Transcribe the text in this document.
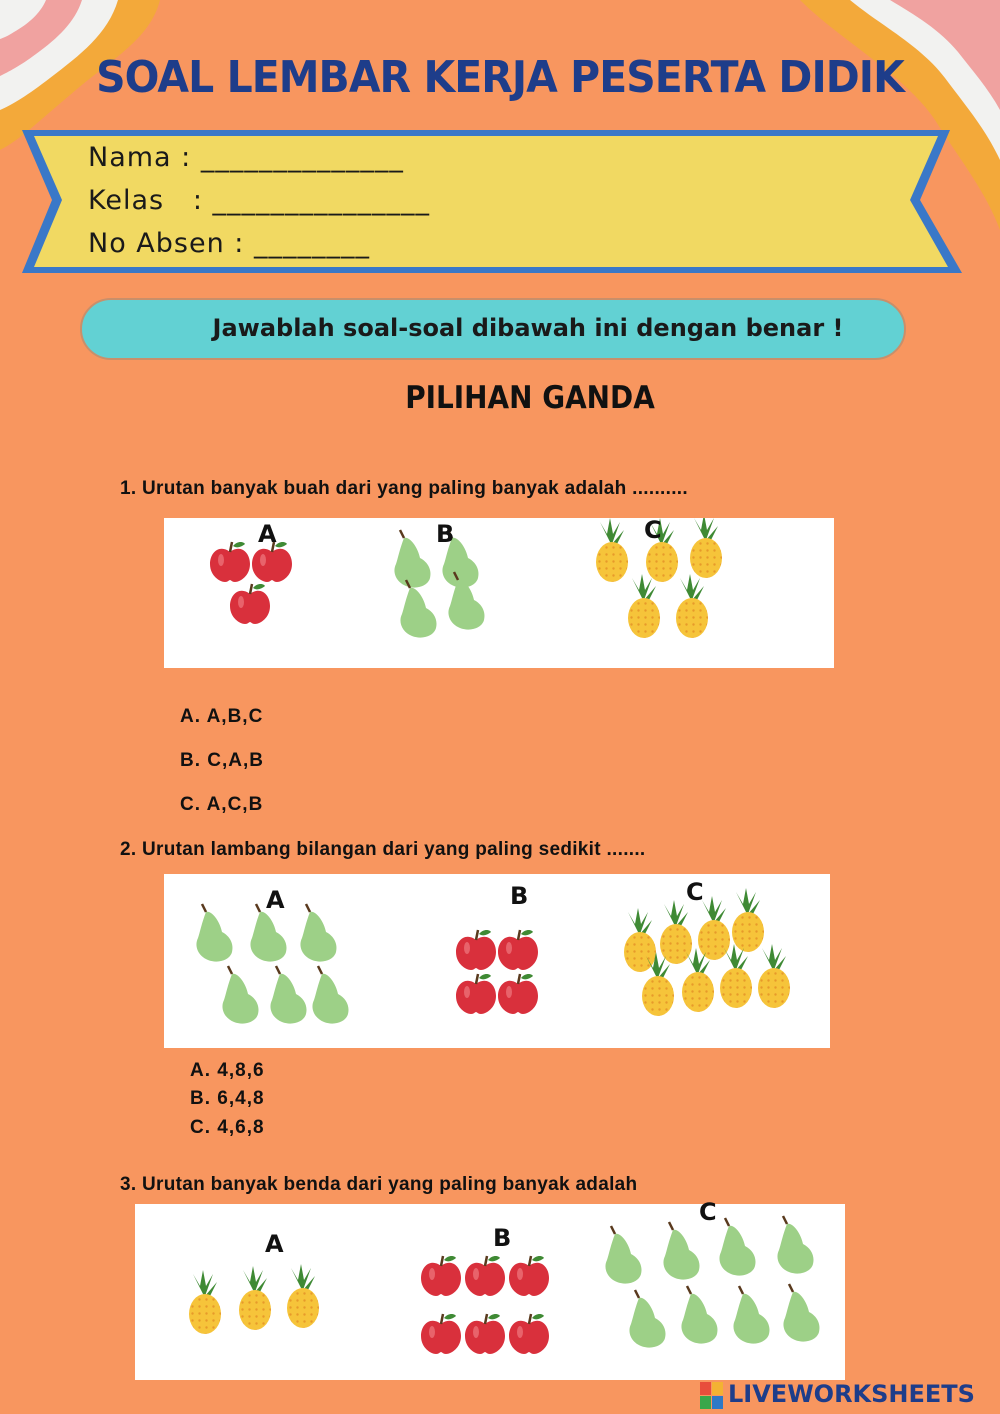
SOAL LEMBAR KERJA PESERTA DIDIK
Nama : ______________
Kelas   : _______________
No Absen : ________
Jawablah soal-soal dibawah ini dengan benar !
PILIHAN GANDA
1. Urutan banyak buah dari yang paling banyak adalah ..........
A	B	C
A. A,B,C
B. C,A,B
C. A,C,B
2. Urutan lambang bilangan dari yang paling sedikit .......
A	B	C
A. 4,8,6
B. 6,4,8
C. 4,6,8
3. Urutan banyak benda dari yang paling banyak adalah
A	B
C
LIVEWORKSHEETS
